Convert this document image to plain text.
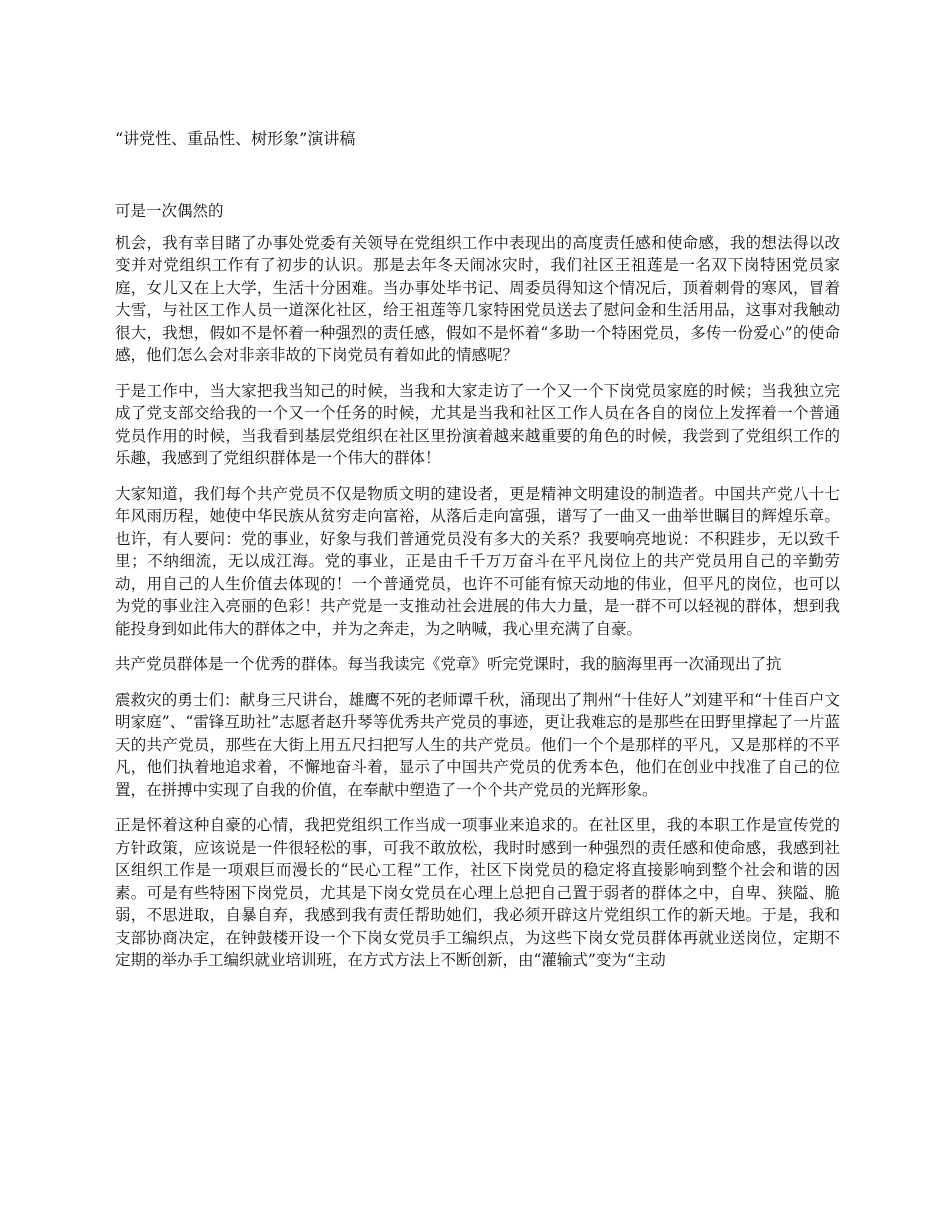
“讲党性、重品性、树形象”演讲稿

可是一次偶然的

机会，我有幸目睹了办事处党委有关领导在党组织工作中表现出的高度责任感和使命感，我的想法得以改变并对党组织工作有了初步的认识。那是去年冬天闹冰灾时，我们社区王祖莲是一名双下岗特困党员家庭，女儿又在上大学，生活十分困难。当办事处毕书记、周委员得知这个情况后，顶着刺骨的寒风，冒着大雪，与社区工作人员一道深化社区，给王祖莲等几家特困党员送去了慰问金和生活用品，这事对我触动很大，我想，假如不是怀着一种强烈的责任感，假如不是怀着“多助一个特困党员，多传一份爱心”的使命感，他们怎么会对非亲非故的下岗党员有着如此的情感呢？

于是工作中，当大家把我当知己的时候，当我和大家走访了一个又一个下岗党员家庭的时候；当我独立完成了党支部交给我的一个又一个任务的时候，尤其是当我和社区工作人员在各自的岗位上发挥着一个普通党员作用的时候，当我看到基层党组织在社区里扮演着越来越重要的角色的时候，我尝到了党组织工作的乐趣，我感到了党组织群体是一个伟大的群体！

大家知道，我们每个共产党员不仅是物质文明的建设者，更是精神文明建设的制造者。中国共产党八十七年风雨历程，她使中华民族从贫穷走向富裕，从落后走向富强，谱写了一曲又一曲举世瞩目的辉煌乐章。也许，有人要问：党的事业，好象与我们普通党员没有多大的关系？我要响亮地说：不积跬步，无以致千里；不纳细流，无以成江海。党的事业，正是由千千万万奋斗在平凡岗位上的共产党员用自己的辛勤劳动，用自己的人生价值去体现的！一个普通党员，也许不可能有惊天动地的伟业，但平凡的岗位，也可以为党的事业注入亮丽的色彩！共产党是一支推动社会进展的伟大力量，是一群不可以轻视的群体，想到我能投身到如此伟大的群体之中，并为之奔走，为之呐喊，我心里充满了自豪。

共产党员群体是一个优秀的群体。每当我读完《党章》听完党课时，我的脑海里再一次涌现出了抗

震救灾的勇士们：献身三尺讲台，雄鹰不死的老师谭千秋，涌现出了荆州“十佳好人”刘建平和“十佳百户文明家庭”、“雷锋互助社”志愿者赵升琴等优秀共产党员的事迹，更让我难忘的是那些在田野里撑起了一片蓝天的共产党员，那些在大街上用五尺扫把写人生的共产党员。他们一个个是那样的平凡，又是那样的不平凡，他们执着地追求着，不懈地奋斗着，显示了中国共产党员的优秀本色，他们在创业中找准了自己的位置，在拼搏中实现了自我的价值，在奉献中塑造了一个个共产党员的光辉形象。

正是怀着这种自豪的心情，我把党组织工作当成一项事业来追求的。在社区里，我的本职工作是宣传党的方针政策，应该说是一件很轻松的事，可我不敢放松，我时时感到一种强烈的责任感和使命感，我感到社区组织工作是一项艰巨而漫长的“民心工程”工作，社区下岗党员的稳定将直接影响到整个社会和谐的因素。可是有些特困下岗党员，尤其是下岗女党员在心理上总把自己置于弱者的群体之中，自卑、狭隘、脆弱，不思进取，自暴自弃，我感到我有责任帮助她们，我必须开辟这片党组织工作的新天地。于是，我和支部协商决定，在钟鼓楼开设一个下岗女党员手工编织点，为这些下岗女党员群体再就业送岗位，定期不定期的举办手工编织就业培训班，在方式方法上不断创新，由“灌输式”变为“主动
